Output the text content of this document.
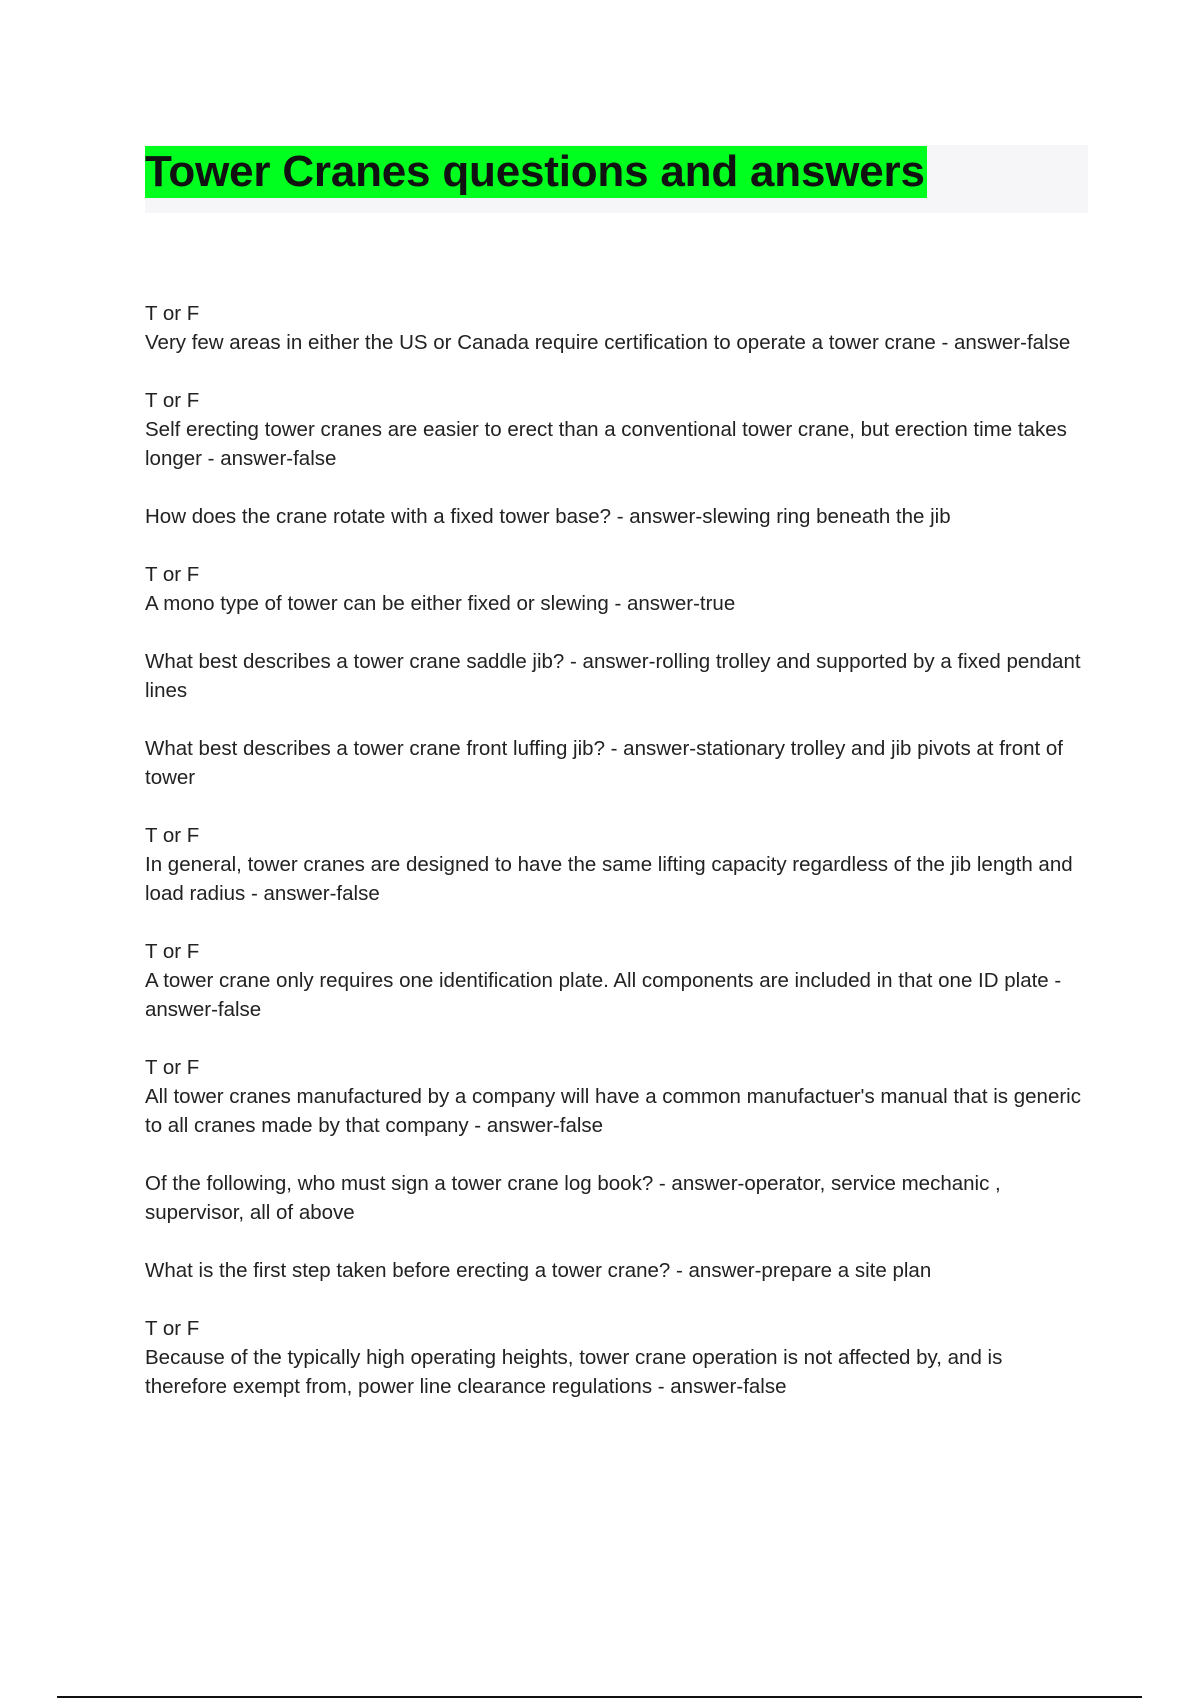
Tower Cranes questions and answers

T or F
Very few areas in either the US or Canada require certification to operate a tower crane - answer-false

T or F
Self erecting tower cranes are easier to erect than a conventional tower crane, but erection time takes longer - answer-false

How does the crane rotate with a fixed tower base? - answer-slewing ring beneath the jib

T or F
A mono type of tower can be either fixed or slewing - answer-true

What best describes a tower crane saddle jib? - answer-rolling trolley and supported by a fixed pendant lines

What best describes a tower crane front luffing jib? - answer-stationary trolley and jib pivots at front of tower

T or F
In general, tower cranes are designed to have the same lifting capacity regardless of the jib length and load radius - answer-false

T or F
A tower crane only requires one identification plate. All components are included in that one ID plate - answer-false

T or F
All tower cranes manufactured by a company will have a common manufactuer's manual that is generic to all cranes made by that company - answer-false

Of the following, who must sign a tower crane log book? - answer-operator, service mechanic , supervisor, all of above

What is the first step taken before erecting a tower crane? - answer-prepare a site plan

T or F
Because of the typically high operating heights, tower crane operation is not affected by, and is therefore exempt from, power line clearance regulations - answer-false
